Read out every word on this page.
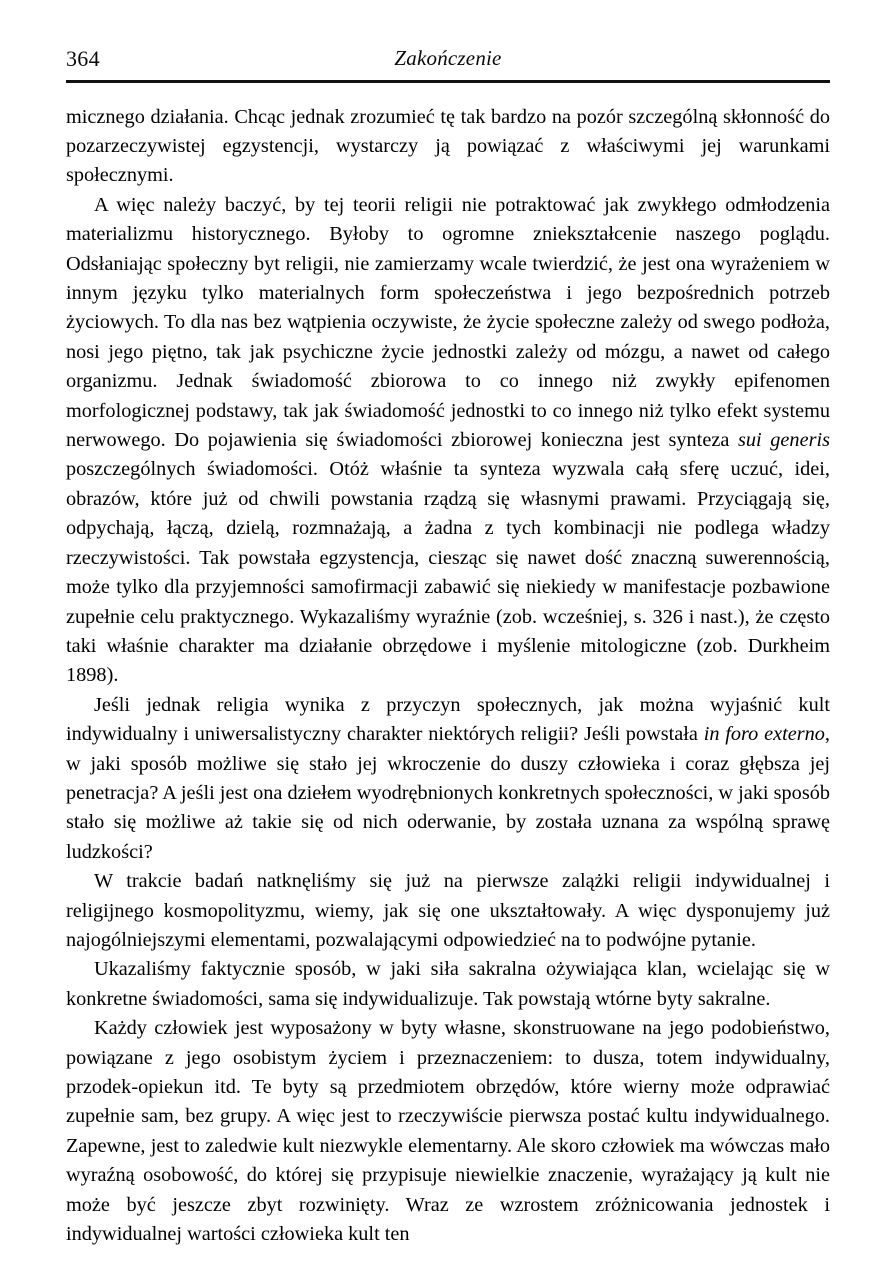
364	Zakończenie

micznego działania. Chcąc jednak zrozumieć tę tak bardzo na pozór szczególną skłonność do pozarzeczywistej egzystencji, wystarczy ją powiązać z właściwymi jej warunkami społecznymi.

A więc należy baczyć, by tej teorii religii nie potraktować jak zwykłego odmłodzenia materializmu historycznego. Byłoby to ogromne zniekształcenie naszego poglądu. Odsłaniając społeczny byt religii, nie zamierzamy wcale twierdzić, że jest ona wyrażeniem w innym języku tylko materialnych form społeczeństwa i jego bezpośrednich potrzeb życiowych. To dla nas bez wątpienia oczywiste, że życie społeczne zależy od swego podłoża, nosi jego piętno, tak jak psychiczne życie jednostki zależy od mózgu, a nawet od całego organizmu. Jednak świadomość zbiorowa to co innego niż zwykły epifenomen morfologicznej podstawy, tak jak świadomość jednostki to co innego niż tylko efekt systemu nerwowego. Do pojawienia się świadomości zbiorowej konieczna jest synteza sui generis poszczególnych świadomości. Otóż właśnie ta synteza wyzwala całą sferę uczuć, idei, obrazów, które już od chwili powstania rządzą się własnymi prawami. Przyciągają się, odpychają, łączą, dzielą, rozmnażają, a żadna z tych kombinacji nie podlega władzy rzeczywistości. Tak powstała egzystencja, ciesząc się nawet dość znaczną suwerennością, może tylko dla przyjemności samofirmacji zabawić się niekiedy w manifestacje pozbawione zupełnie celu praktycznego. Wykazaliśmy wyraźnie (zob. wcześniej, s. 326 i nast.), że często taki właśnie charakter ma działanie obrzędowe i myślenie mitologiczne (zob. Durkheim 1898).

Jeśli jednak religia wynika z przyczyn społecznych, jak można wyjaśnić kult indywidualny i uniwersalistyczny charakter niektórych religii? Jeśli powstała in foro externo, w jaki sposób możliwe się stało jej wkroczenie do duszy człowieka i coraz głębsza jej penetracja? A jeśli jest ona dziełem wyodrębnionych konkretnych społeczności, w jaki sposób stało się możliwe aż takie się od nich oderwanie, by została uznana za wspólną sprawę ludzkości?

W trakcie badań natknęliśmy się już na pierwsze zalążki religii indywidualnej i religijnego kosmopolityzmu, wiemy, jak się one ukształtowały. A więc dysponujemy już najogólniejszymi elementami, pozwalającymi odpowiedzieć na to podwójne pytanie.

Ukazaliśmy faktycznie sposób, w jaki siła sakralna ożywiająca klan, wcielając się w konkretne świadomości, sama się indywidualizuje. Tak powstają wtórne byty sakralne.

Każdy człowiek jest wyposażony w byty własne, skonstruowane na jego podobieństwo, powiązane z jego osobistym życiem i przeznaczeniem: to dusza, totem indywidualny, przodek-opiekun itd. Te byty są przedmiotem obrzędów, które wierny może odprawiać zupełnie sam, bez grupy. A więc jest to rzeczywiście pierwsza postać kultu indywidualnego. Zapewne, jest to zaledwie kult niezwykle elementarny. Ale skoro człowiek ma wówczas mało wyraźną osobowość, do której się przypisuje niewielkie znaczenie, wyrażający ją kult nie może być jeszcze zbyt rozwinięty. Wraz ze wzrostem zróżnicowania jednostek i indywidualnej wartości człowieka kult ten
